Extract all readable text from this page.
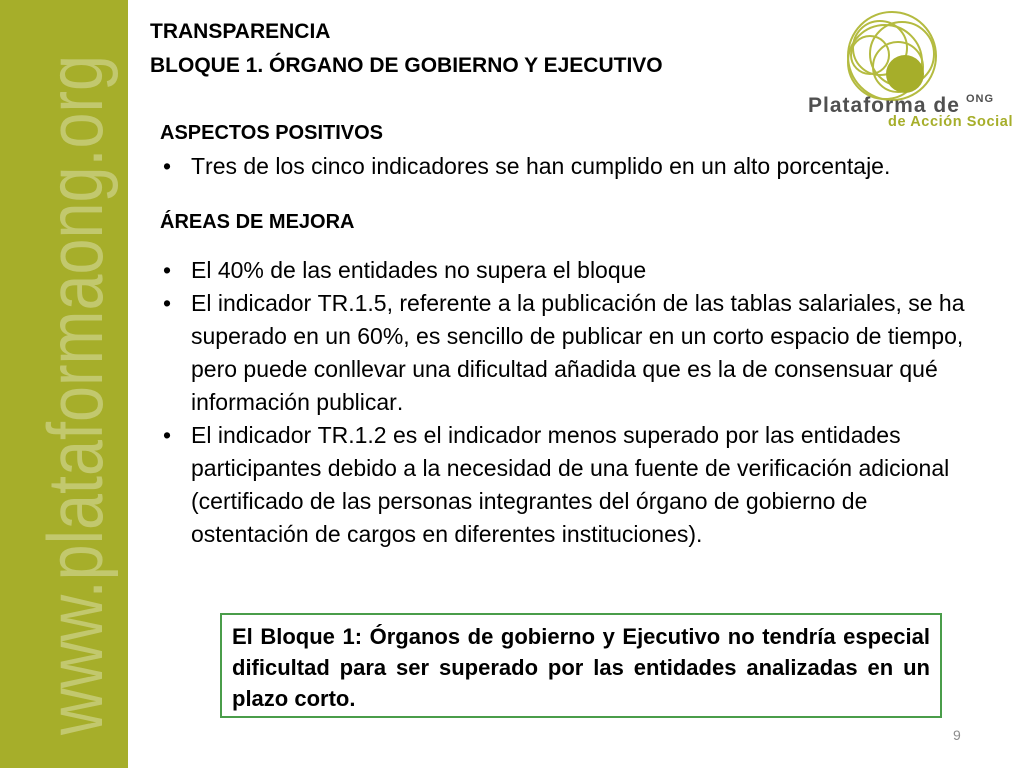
www.plataformaong.org
TRANSPARENCIA
BLOQUE 1. ÓRGANO DE GOBIERNO Y EJECUTIVO
Plataforma de ONG
de Acción Social
ASPECTOS POSITIVOS
• Tres de los cinco indicadores se han cumplido en un alto porcentaje.
ÁREAS DE MEJORA
• El 40% de las entidades no supera el bloque
• El indicador TR.1.5, referente a la publicación de las tablas salariales, se ha superado en un 60%, es sencillo de publicar en un corto espacio de tiempo, pero puede conllevar una dificultad añadida que es la de consensuar qué información publicar.
• El indicador TR.1.2 es el indicador menos superado por las entidades participantes debido a la necesidad de una fuente de verificación adicional (certificado de las personas integrantes del órgano de gobierno de ostentación de cargos en diferentes instituciones).
El Bloque 1: Órganos de gobierno y Ejecutivo no tendría especial dificultad para ser superado por las entidades analizadas en un plazo corto.
9
